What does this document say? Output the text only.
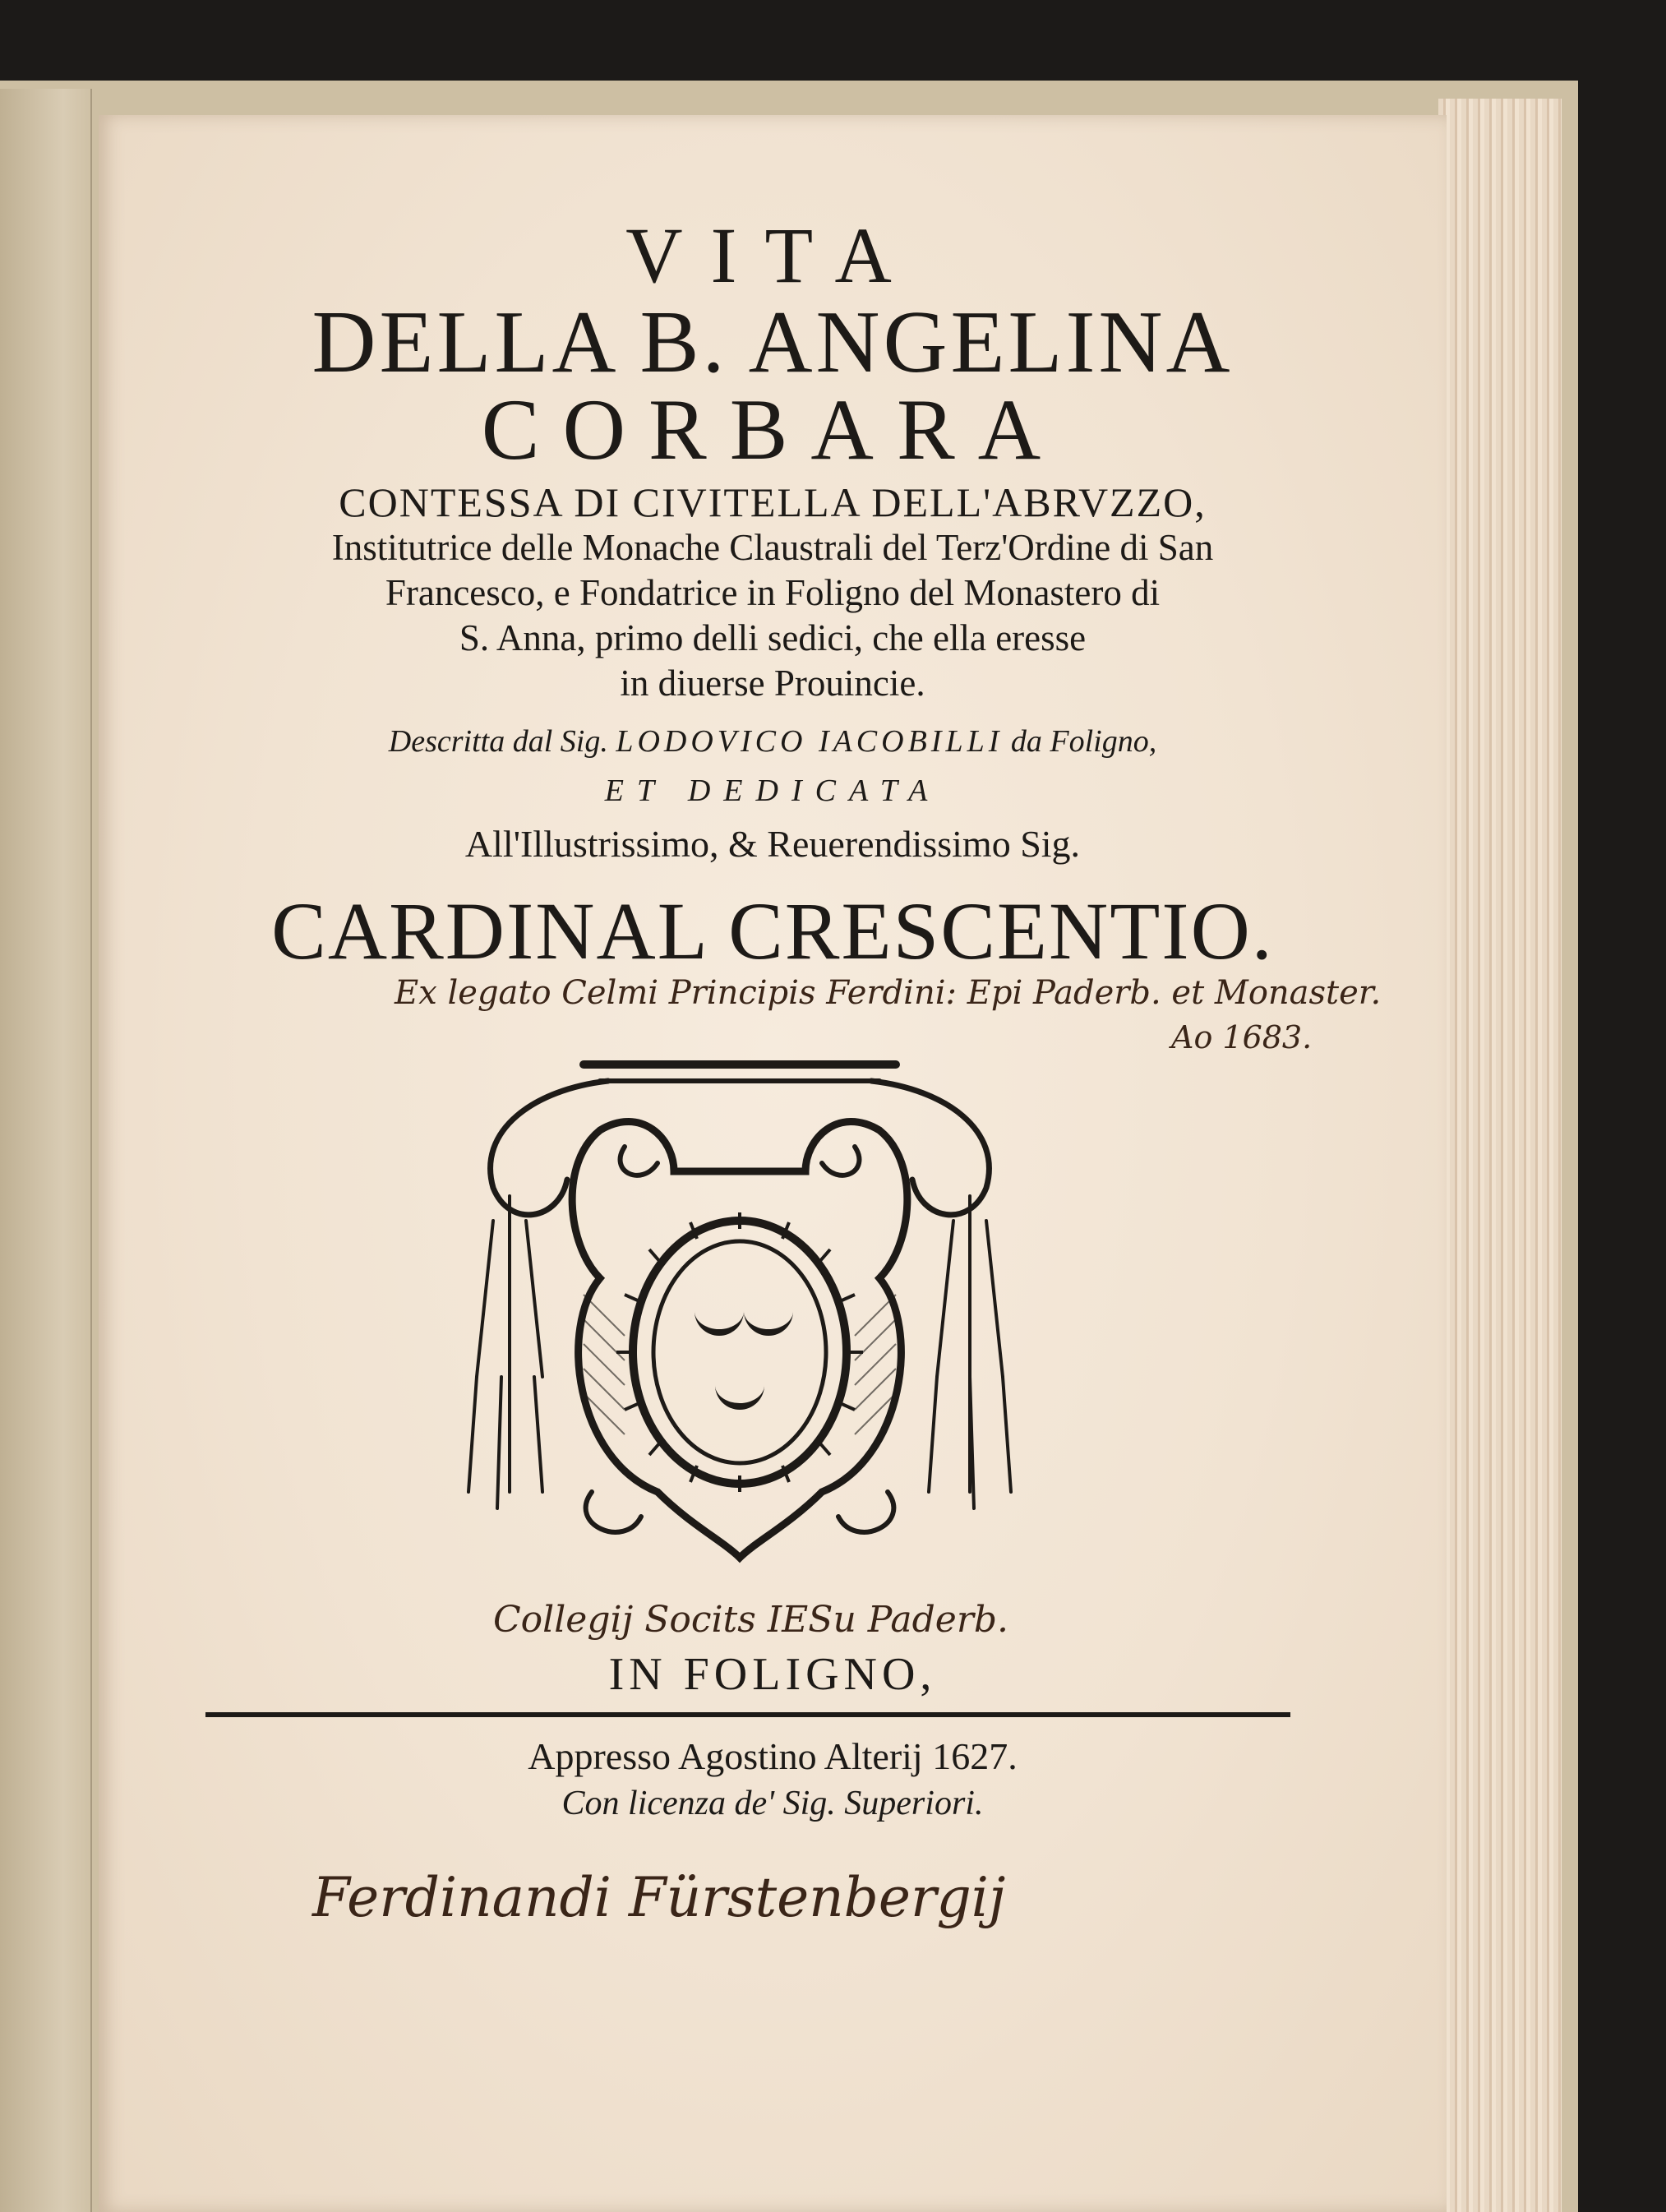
VITA
DELLA B. ANGELINA
CORBARA
CONTESSA DI CIVITELLA DELL'ABRVZZO,
Institutrice delle Monache Claustrali del Terz'Ordine di San
Francesco, e Fondatrice in Foligno del Monastero di
S. Anna, primo delli sedici, che ella eresse
in diuerse Prouincie.
Descritta dal Sig. LODOVICO IACOBILLI da Foligno,
ET DEDICATA
All'Illustrissimo, & Reuerendissimo Sig.
CARDINAL CRESCENTIO.
Ex legato Celmi Principis Ferdini: Epi Paderb. et Monaster.
Ao 1683.
Collegij Socits IESu Paderb.
IN FOLIGNO,
Appresso Agostino Alterij 1627.
Con licenza de' Sig. Superiori.
Ferdinandi Fürstenbergij
